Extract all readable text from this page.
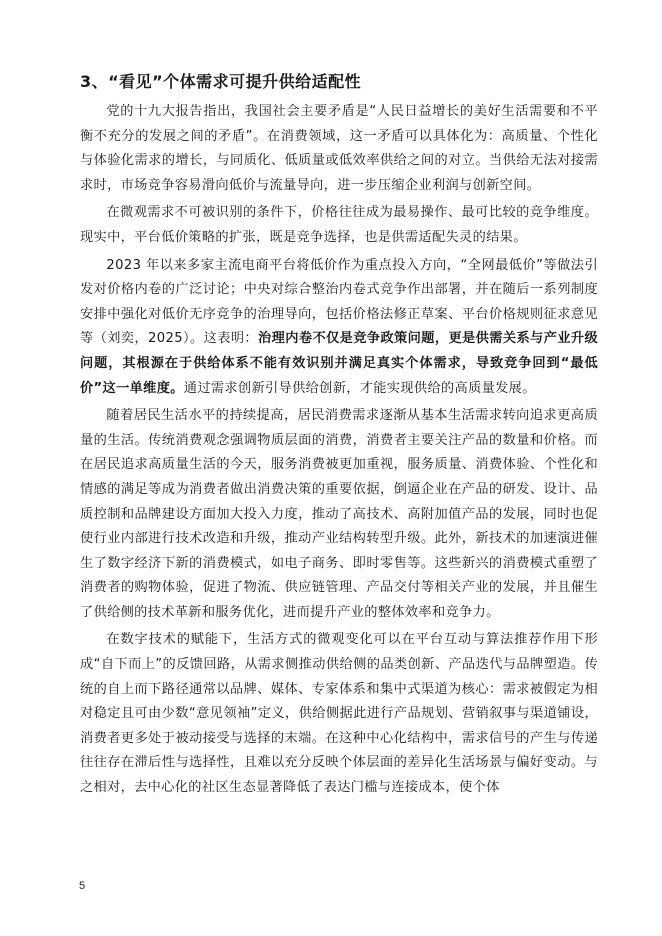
3、“看见”个体需求可提升供给适配性

党的十九大报告指出，我国社会主要矛盾是“人民日益增长的美好生活需要和不平衡不充分的发展之间的矛盾”。在消费领域，这一矛盾可以具体化为：高质量、个性化与体验化需求的增长，与同质化、低质量或低效率供给之间的对立。当供给无法对接需求时，市场竞争容易滑向低价与流量导向，进一步压缩企业利润与创新空间。

在微观需求不可被识别的条件下，价格往往成为最易操作、最可比较的竞争维度。现实中，平台低价策略的扩张，既是竞争选择，也是供需适配失灵的结果。

2023 年以来多家主流电商平台将低价作为重点投入方向，“全网最低价”等做法引发对价格内卷的广泛讨论；中央对综合整治内卷式竞争作出部署，并在随后一系列制度安排中强化对低价无序竞争的治理导向，包括价格法修正草案、平台价格规则征求意见等（刘奕，2025）。这表明：治理内卷不仅是竞争政策问题，更是供需关系与产业升级问题，其根源在于供给体系不能有效识别并满足真实个体需求，导致竞争回到“最低价”这一单维度。通过需求创新引导供给创新，才能实现供给的高质量发展。

随着居民生活水平的持续提高，居民消费需求逐渐从基本生活需求转向追求更高质量的生活。传统消费观念强调物质层面的消费，消费者主要关注产品的数量和价格。而在居民追求高质量生活的今天，服务消费被更加重视，服务质量、消费体验、个性化和情感的满足等成为消费者做出消费决策的重要依据，倒逼企业在产品的研发、设计、品质控制和品牌建设方面加大投入力度，推动了高技术、高附加值产品的发展，同时也促使行业内部进行技术改造和升级，推动产业结构转型升级。此外，新技术的加速演进催生了数字经济下新的消费模式，如电子商务、即时零售等。这些新兴的消费模式重塑了消费者的购物体验，促进了物流、供应链管理、产品交付等相关产业的发展，并且催生了供给侧的技术革新和服务优化，进而提升产业的整体效率和竞争力。

在数字技术的赋能下，生活方式的微观变化可以在平台互动与算法推荐作用下形成“自下而上”的反馈回路，从需求侧推动供给侧的品类创新、产品迭代与品牌塑造。传统的自上而下路径通常以品牌、媒体、专家体系和集中式渠道为核心：需求被假定为相对稳定且可由少数“意见领袖”定义，供给侧据此进行产品规划、营销叙事与渠道铺设，消费者更多处于被动接受与选择的末端。在这种中心化结构中，需求信号的产生与传递往往存在滞后性与选择性，且难以充分反映个体层面的差异化生活场景与偏好变动。与之相对，去中心化的社区生态显著降低了表达门槛与连接成本，使个体

5
